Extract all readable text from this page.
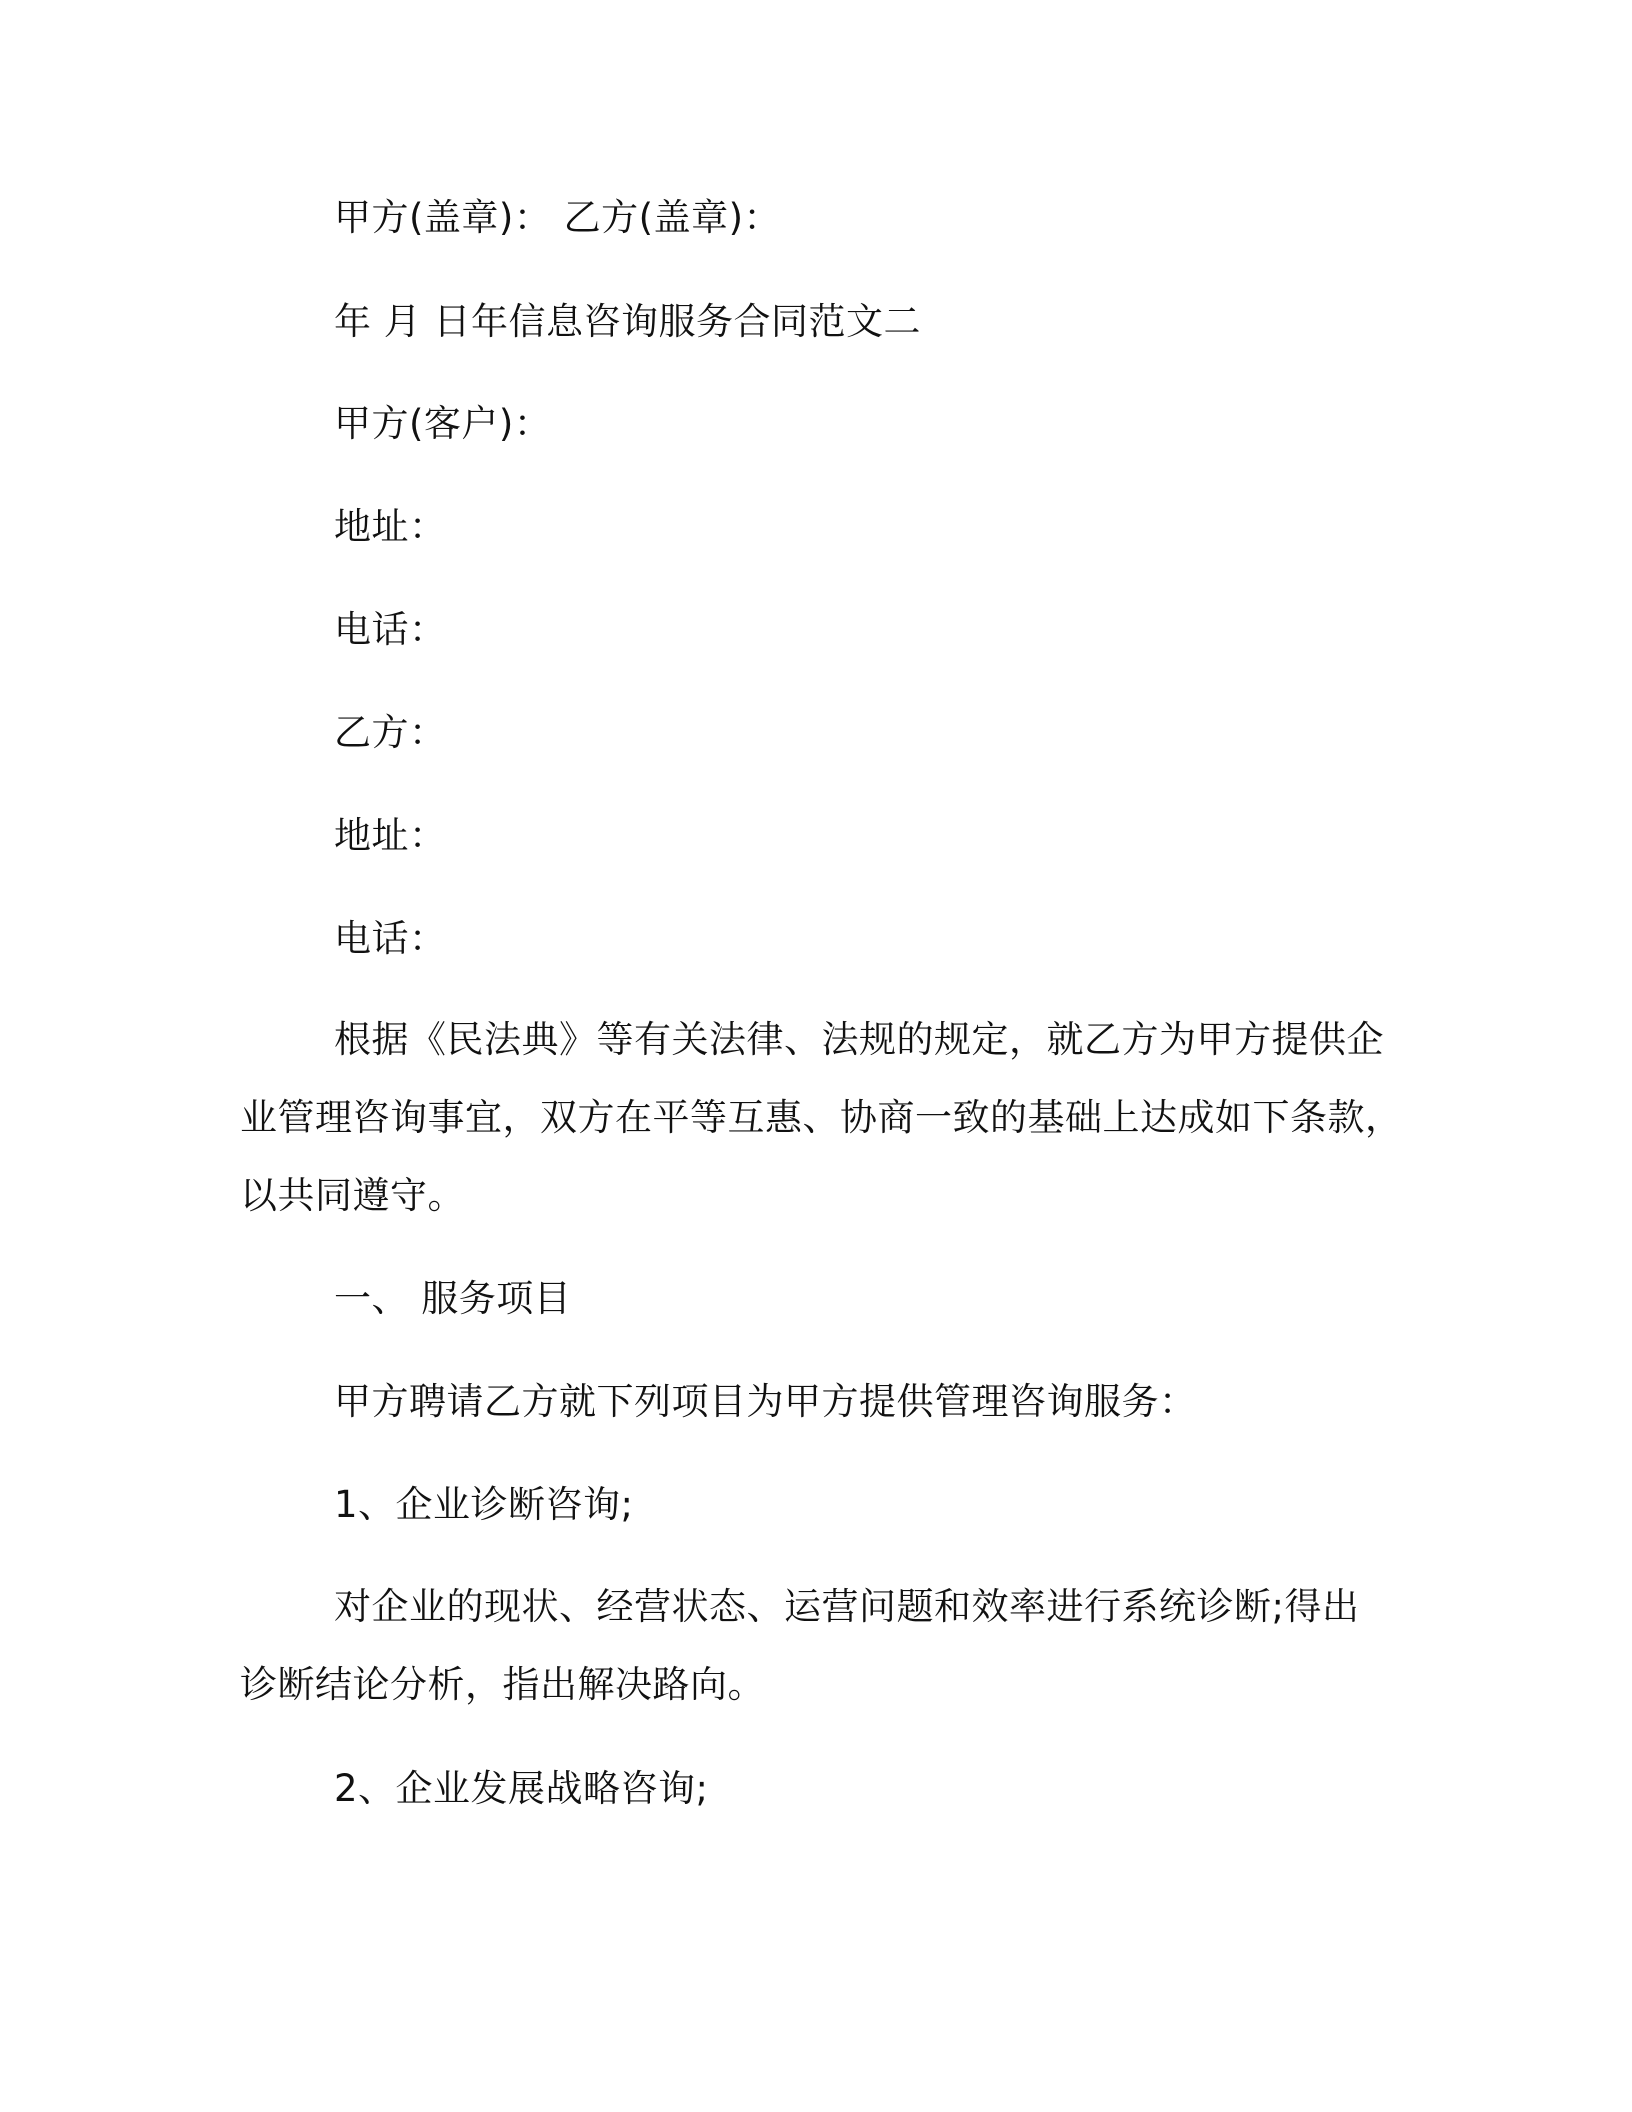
甲方(盖章)： 乙方(盖章)：
年 月 日年信息咨询服务合同范文二
甲方(客户)：
地址：
电话：
乙方：
地址：
电话：
根据《民法典》等有关法律、法规的规定，就乙方为甲方提供企
业管理咨询事宜，双方在平等互惠、协商一致的基础上达成如下条款，
以共同遵守。
一、 服务项目
甲方聘请乙方就下列项目为甲方提供管理咨询服务：
1、企业诊断咨询;
对企业的现状、经营状态、运营问题和效率进行系统诊断;得出
诊断结论分析，指出解决路向。
2、企业发展战略咨询;
